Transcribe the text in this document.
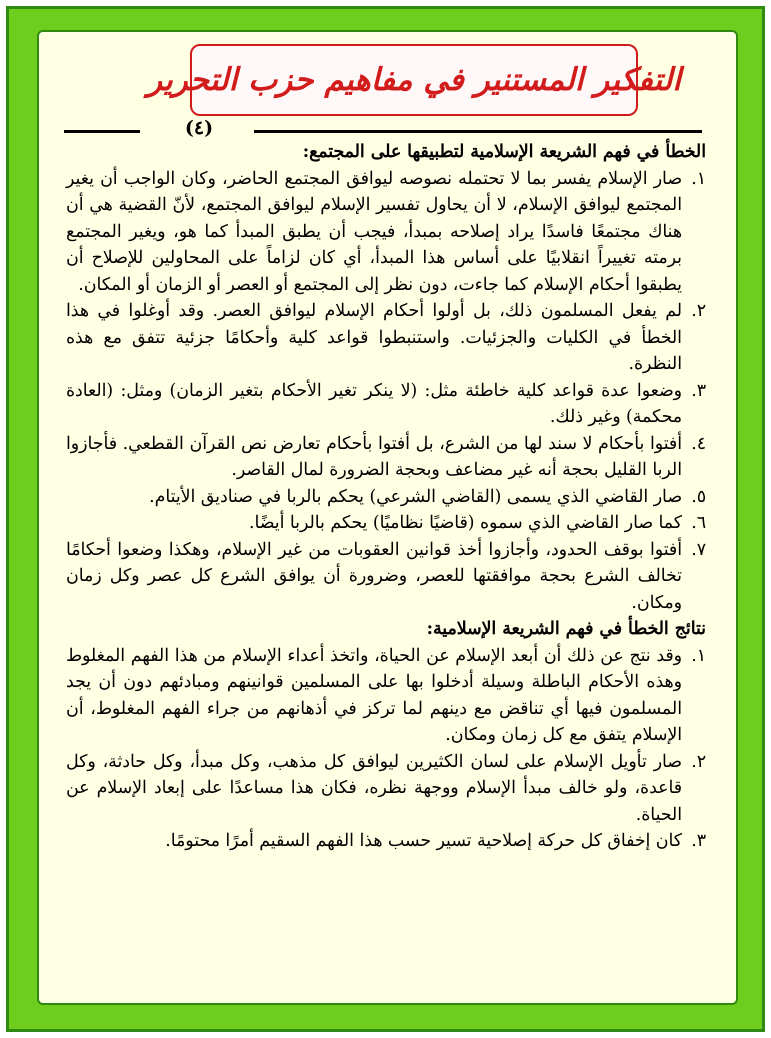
التفكير المستنير في مفاهيم حزب التحرير
(٤)

الخطأ في فهم الشريعة الإسلامية لتطبيقها على المجتمع:

١.
صار الإسلام يفسر بما لا تحتمله نصوصه ليوافق المجتمع الحاضر، وكان الواجب أن يغير المجتمع ليوافق الإسلام، لا أن يحاول تفسير الإسلام ليوافق المجتمع، لأنّ القضية هي أن هناك مجتمعًا فاسدًا يراد إصلاحه بمبدأ، فيجب أن يطبق المبدأ كما هو، ويغير المجتمع برمته تغييراً انقلابيًا على أساس هذا المبدأ، أي كان لزاماً على المحاولين للإصلاح أن يطبقوا أحكام الإسلام كما جاءت، دون نظر إلى المجتمع أو العصر أو الزمان أو المكان.
٢.
لم يفعل المسلمون ذلك، بل أولوا أحكام الإسلام ليوافق العصر. وقد أوغلوا في هذا الخطأ في الكليات والجزئيات. واستنبطوا قواعد كلية وأحكامًا جزئية تتفق مع هذه النظرة.
٣.
وضعوا عدة قواعد كلية خاطئة مثل: (لا ينكر تغير الأحكام بتغير الزمان) ومثل: (العادة محكمة) وغير ذلك.
٤.
أفتوا بأحكام لا سند لها من الشرع، بل أفتوا بأحكام تعارض نص القرآن القطعي. فأجازوا الربا القليل بحجة أنه غير مضاعف وبحجة الضرورة لمال القاصر.
٥.
صار القاضي الذي يسمى (القاضي الشرعي) يحكم بالربا في صناديق الأيتام.
٦.
كما صار القاضي الذي سموه (قاضيًا نظاميًا) يحكم بالربا أيضًا.
٧.
أفتوا بوقف الحدود، وأجازوا أخذ قوانين العقوبات من غير الإسلام، وهكذا وضعوا أحكامًا تخالف الشرع بحجة موافقتها للعصر، وضرورة أن يوافق الشرع كل عصر وكل زمان ومكان.

نتائج الخطأ في فهم الشريعة الإسلامية:

١.
وقد نتج عن ذلك أن أبعد الإسلام عن الحياة، واتخذ أعداء الإسلام من هذا الفهم المغلوط وهذه الأحكام الباطلة وسيلة أدخلوا بها على المسلمين قوانينهم ومبادئهم دون أن يجد المسلمون فيها أي تناقض مع دينهم لما تركز في أذهانهم من جراء الفهم المغلوط، أن الإسلام يتفق مع كل زمان ومكان.
٢.
صار تأويل الإسلام على لسان الكثيرين ليوافق كل مذهب، وكل مبدأ، وكل حادثة، وكل قاعدة، ولو خالف مبدأ الإسلام ووجهة نظره، فكان هذا مساعدًا على إبعاد الإسلام عن الحياة.
٣.
كان إخفاق كل حركة إصلاحية تسير حسب هذا الفهم السقيم أمرًا محتومًا.
